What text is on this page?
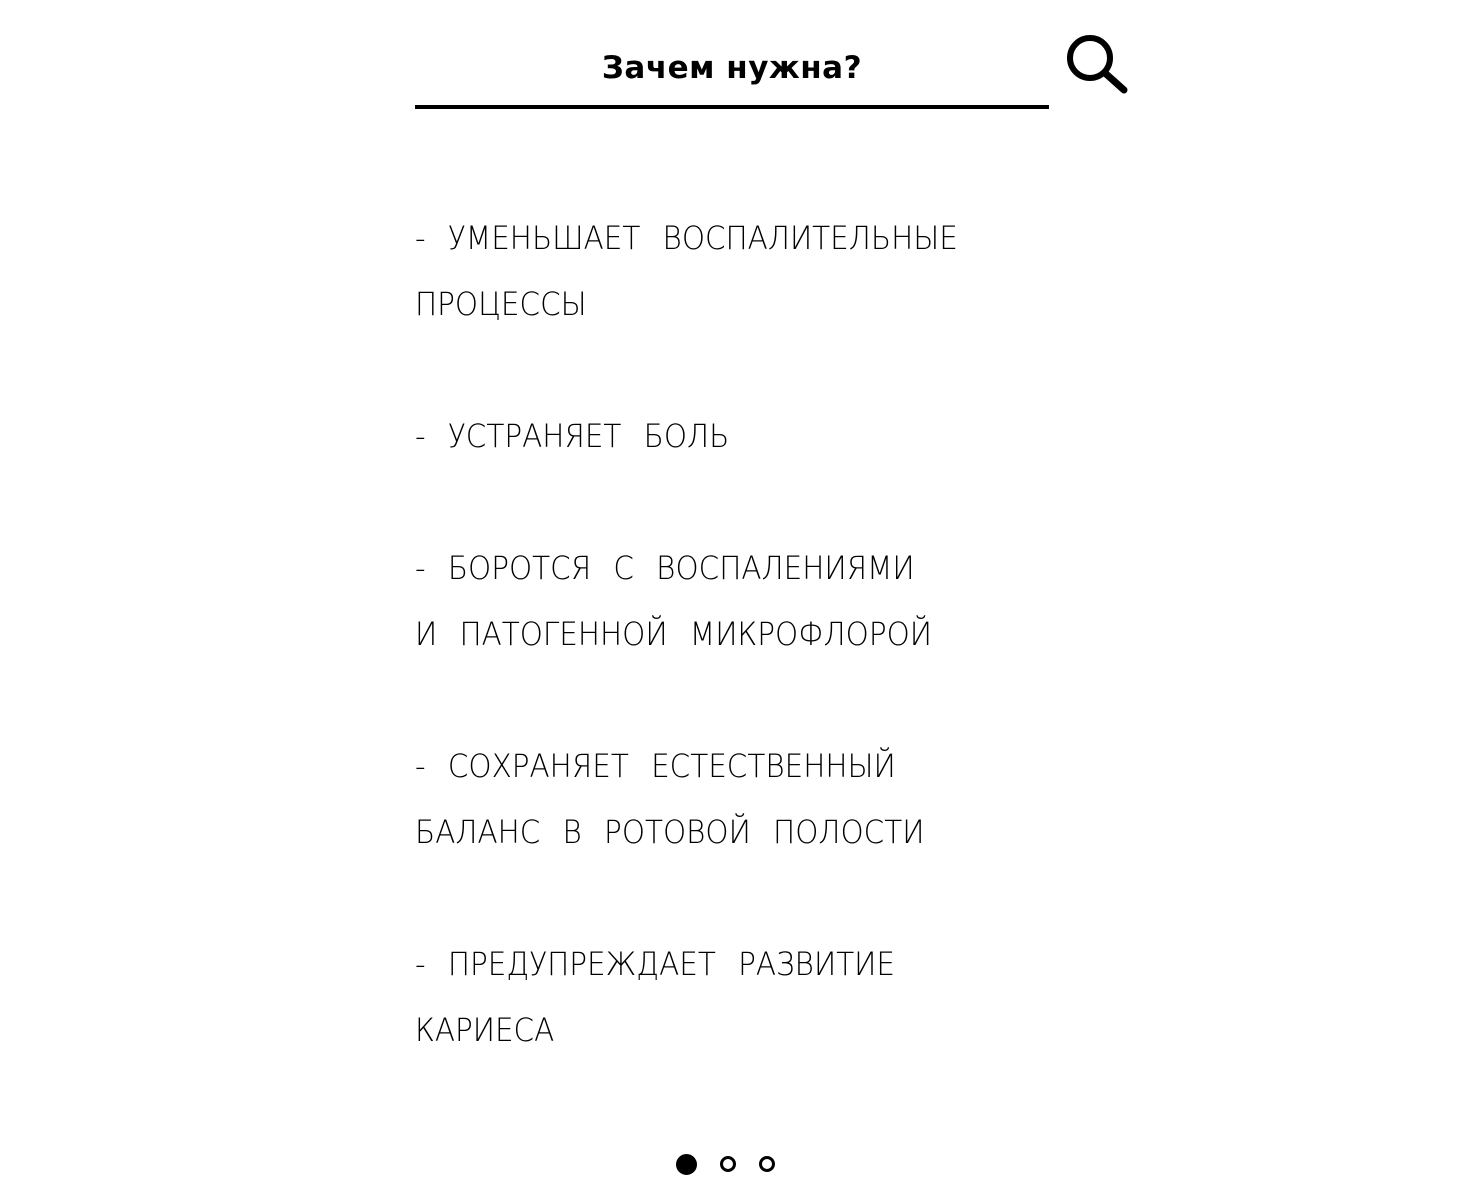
Зачем нужна?
- УМЕНЬШАЕТ ВОСПАЛИТЕЛЬНЫЕ
ПРОЦЕССЫ
- УСТРАНЯЕТ БОЛЬ
- БОРОТСЯ С ВОСПАЛЕНИЯМИ
И ПАТОГЕННОЙ МИКРОФЛОРОЙ
- СОХРАНЯЕТ ЕСТЕСТВЕННЫЙ
БАЛАНС В РОТОВОЙ ПОЛОСТИ
- ПРЕДУПРЕЖДАЕТ РАЗВИТИЕ
КАРИЕСА
